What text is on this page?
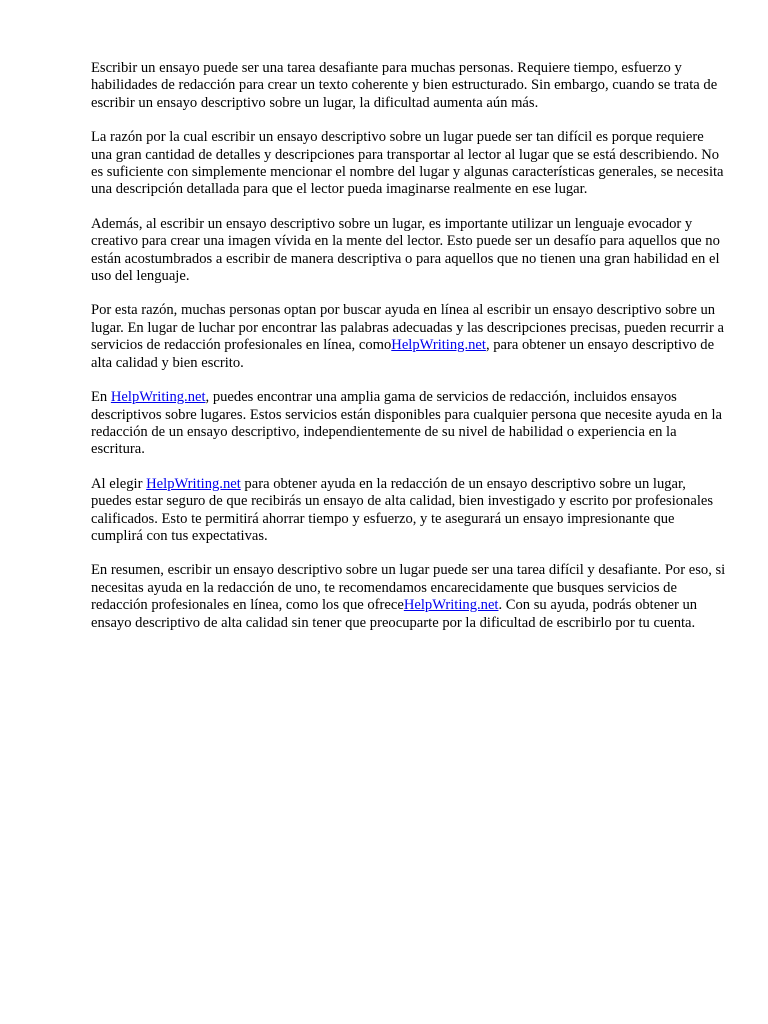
Escribir un ensayo puede ser una tarea desafiante para muchas personas. Requiere tiempo, esfuerzo y habilidades de redacción para crear un texto coherente y bien estructurado. Sin embargo, cuando se trata de escribir un ensayo descriptivo sobre un lugar, la dificultad aumenta aún más.

La razón por la cual escribir un ensayo descriptivo sobre un lugar puede ser tan difícil es porque requiere una gran cantidad de detalles y descripciones para transportar al lector al lugar que se está describiendo. No es suficiente con simplemente mencionar el nombre del lugar y algunas características generales, se necesita una descripción detallada para que el lector pueda imaginarse realmente en ese lugar.

Además, al escribir un ensayo descriptivo sobre un lugar, es importante utilizar un lenguaje evocador y creativo para crear una imagen vívida en la mente del lector. Esto puede ser un desafío para aquellos que no están acostumbrados a escribir de manera descriptiva o para aquellos que no tienen una gran habilidad en el uso del lenguaje.

Por esta razón, muchas personas optan por buscar ayuda en línea al escribir un ensayo descriptivo sobre un lugar. En lugar de luchar por encontrar las palabras adecuadas y las descripciones precisas, pueden recurrir a servicios de redacción profesionales en línea, comoHelpWriting.net, para obtener un ensayo descriptivo de alta calidad y bien escrito.

En HelpWriting.net, puedes encontrar una amplia gama de servicios de redacción, incluidos ensayos descriptivos sobre lugares. Estos servicios están disponibles para cualquier persona que necesite ayuda en la redacción de un ensayo descriptivo, independientemente de su nivel de habilidad o experiencia en la escritura.

Al elegir HelpWriting.net para obtener ayuda en la redacción de un ensayo descriptivo sobre un lugar, puedes estar seguro de que recibirás un ensayo de alta calidad, bien investigado y escrito por profesionales calificados. Esto te permitirá ahorrar tiempo y esfuerzo, y te asegurará un ensayo impresionante que cumplirá con tus expectativas.

En resumen, escribir un ensayo descriptivo sobre un lugar puede ser una tarea difícil y desafiante. Por eso, si necesitas ayuda en la redacción de uno, te recomendamos encarecidamente que busques servicios de redacción profesionales en línea, como los que ofreceHelpWriting.net. Con su ayuda, podrás obtener un ensayo descriptivo de alta calidad sin tener que preocuparte por la dificultad de escribirlo por tu cuenta.
